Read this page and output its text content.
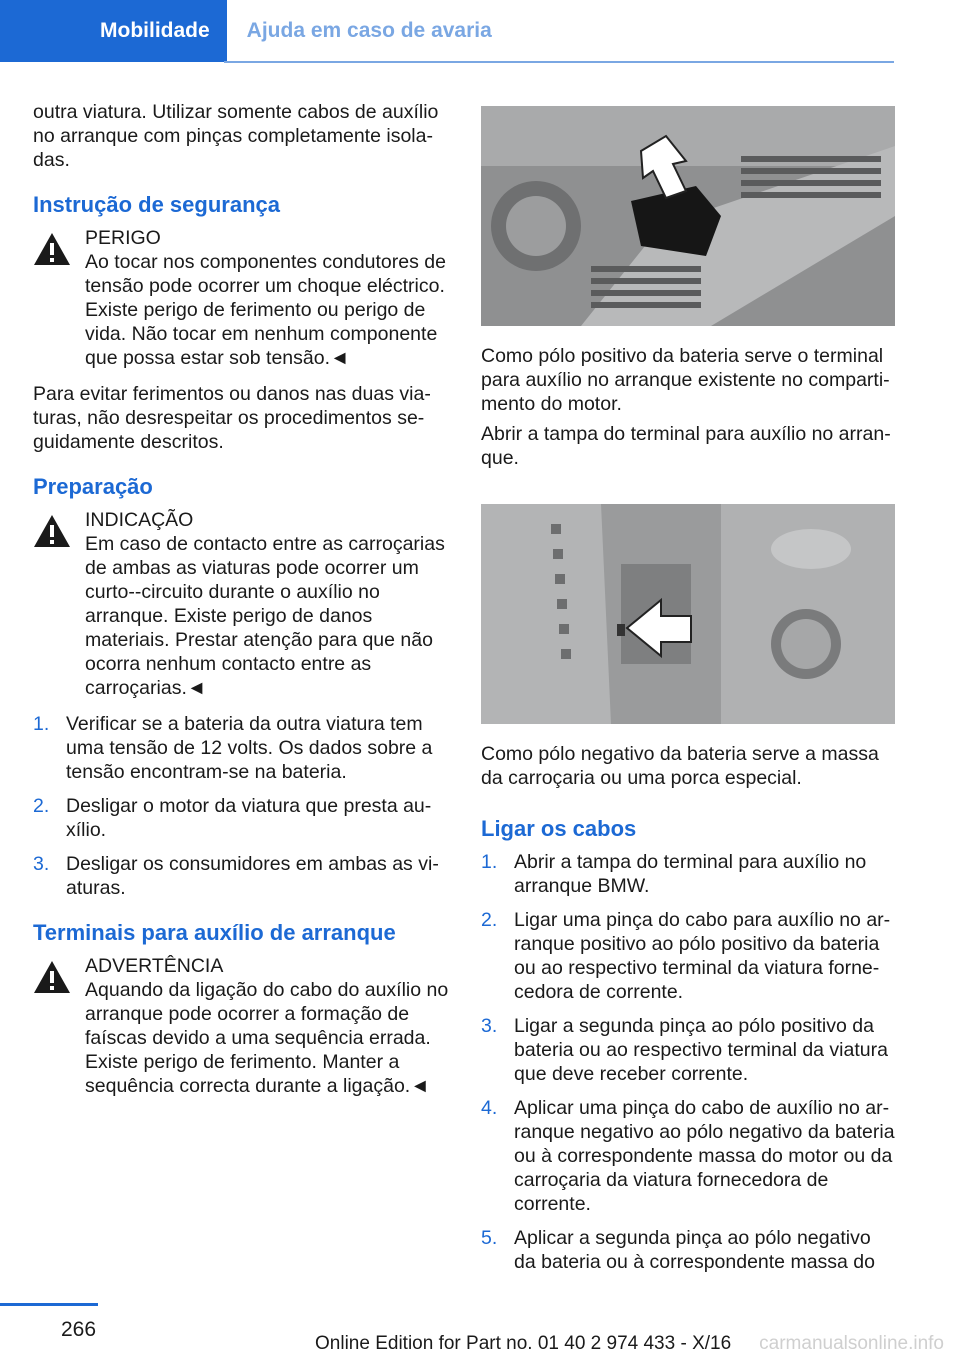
Mobilidade	Ajuda em caso de avaria

outra viatura. Utilizar somente cabos de auxílio no arranque com pinças completamente isoladas.

Instrução de segurança
PERIGO
Ao tocar nos componentes condutores de tensão pode ocorrer um choque eléctrico. Existe perigo de ferimento ou perigo de vida. Não tocar em nenhum componente que possa estar sob tensão.◄

Para evitar ferimentos ou danos nas duas viaturas, não desrespeitar os procedimentos seguidamente descritos.

Preparação
INDICAÇÃO
Em caso de contacto entre as carroçarias de ambas as viaturas pode ocorrer um curto--circuito durante o auxílio no arranque. Existe perigo de danos materiais. Prestar atenção para que não ocorra nenhum contacto entre as carroçarias.◄
1. Verificar se a bateria da outra viatura tem uma tensão de 12 volts. Os dados sobre a tensão encontram-se na bateria.
2. Desligar o motor da viatura que presta auxílio.
3. Desligar os consumidores em ambas as viaturas.
Terminais para auxílio de arranque
ADVERTÊNCIA
Aquando da ligação do cabo do auxílio no arranque pode ocorrer a formação de faíscas devido a uma sequência errada. Existe perigo de ferimento. Manter a sequência correcta durante a ligação.◄

Como pólo positivo da bateria serve o terminal para auxílio no arranque existente no compartimento do motor.

Abrir a tampa do terminal para auxílio no arranque.

Como pólo negativo da bateria serve a massa da carroçaria ou uma porca especial.

Ligar os cabos
1. Abrir a tampa do terminal para auxílio no arranque BMW.
2. Ligar uma pinça do cabo para auxílio no arranque positivo ao pólo positivo da bateria ou ao respectivo terminal da viatura fornecedora de corrente.
3. Ligar a segunda pinça ao pólo positivo da bateria ou ao respectivo terminal da viatura que deve receber corrente.
4. Aplicar uma pinça do cabo de auxílio no arranque negativo ao pólo negativo da bateria ou à correspondente massa do motor ou da carroçaria da viatura fornecedora de corrente.
5. Aplicar a segunda pinça ao pólo negativo da bateria ou à correspondente massa do
266
Online Edition for Part no. 01 40 2 974 433 - X/16 carmanualsonline.info
